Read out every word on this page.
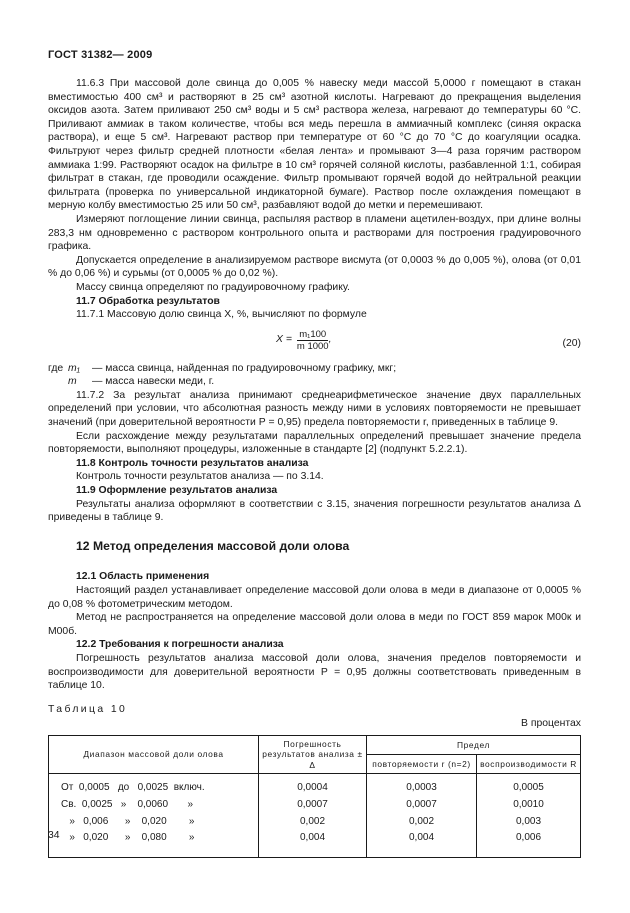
ГОСТ 31382— 2009

11.6.3 При массовой доле свинца до 0,005 % навеску меди массой 5,0000 г помещают в стакан вместимостью 400 см³ и растворяют в 25 см³ азотной кислоты. Нагревают до прекращения выделения оксидов азота. Затем приливают 250 см³ воды и 5 см³ раствора железа, нагревают до температуры 60 °С. Приливают аммиак в таком количестве, чтобы вся медь перешла в аммиачный комплекс (синяя окраска раствора), и еще 5 см³. Нагревают раствор при температуре от 60 °С до 70 °С до коагуляции осадка. Фильтруют через фильтр средней плотности «белая лента» и промывают 3—4 раза горячим раствором аммиака 1:99. Растворяют осадок на фильтре в 10 см³ горячей соляной кислоты, разбавленной 1:1, собирая фильтрат в стакан, где проводили осаждение. Фильтр промывают горячей водой до нейтральной реакции фильтрата (проверка по универсальной индикаторной бумаге). Раствор после охлаждения помещают в мерную колбу вместимостью 25 или 50 см³, разбавляют водой до метки и перемешивают.

Измеряют поглощение линии свинца, распыляя раствор в пламени ацетилен-воздух, при длине волны 283,3 нм одновременно с раствором контрольного опыта и растворами для построения градуировочного графика.

Допускается определение в анализируемом растворе висмута (от 0,0003 % до 0,005 %), олова (от 0,01 % до 0,06 %) и сурьмы (от 0,0005 % до 0,02 %).

Массу свинца определяют по градуировочному графику.

11.7 Обработка результатов

11.7.1 Массовую долю свинца Х, %, вычисляют по формуле

$X = \frac{\text{m₁100}}{m 1000}$ ,	(20)
где m₁	— масса свинца, найденная по градуировочному графику, мкг;
m	— масса навески меди, г.

11.7.2 За результат анализа принимают среднеарифметическое значение двух параллельных определений при условии, что абсолютная разность между ними в условиях повторяемости не превышает значений (при доверительной вероятности Р = 0,95) предела повторяемости r, приведенных в таблице 9.

Если расхождение между результатами параллельных определений превышает значение предела повторяемости, выполняют процедуры, изложенные в стандарте [2] (подпункт 5.2.2.1).

11.8 Контроль точности результатов анализа

Контроль точности результатов анализа — по 3.14.

11.9 Оформление результатов анализа

Результаты анализа оформляют в соответствии с 3.15, значения погрешности результатов анализа Δ приведены в таблице 9.

12 Метод определения массовой доли олова

12.1 Область применения

Настоящий раздел устанавливает определение массовой доли олова в меди в диапазоне от 0,0005 % до 0,08 % фотометрическим методом.

Метод не распространяется на определение массовой доли олова в меди по ГОСТ 859 марок М00к и М00б.

12.2 Требования к погрешности анализа

Погрешность результатов анализа массовой доли олова, значения пределов повторяемости и воспроизводимости для доверительной вероятности Р = 0,95 должны соответствовать приведенным в таблице 10.

Таблица 10
В процентах
Диапазон массовой доли олова	Погрешность результатов анализа ± Δ	Предел	
		повторяемости r (n=2)	воспроизводимости R
От  0,0005   до   0,0025  включ.	0,0004	0,0003	0,0005
Св.  0,0025   »    0,0060       »	0,0007	0,0007	0,0010
»   0,006      »    0,020        »	0,002	0,002	0,003
»   0,020      »    0,080        »	0,004	0,004	0,006
34
